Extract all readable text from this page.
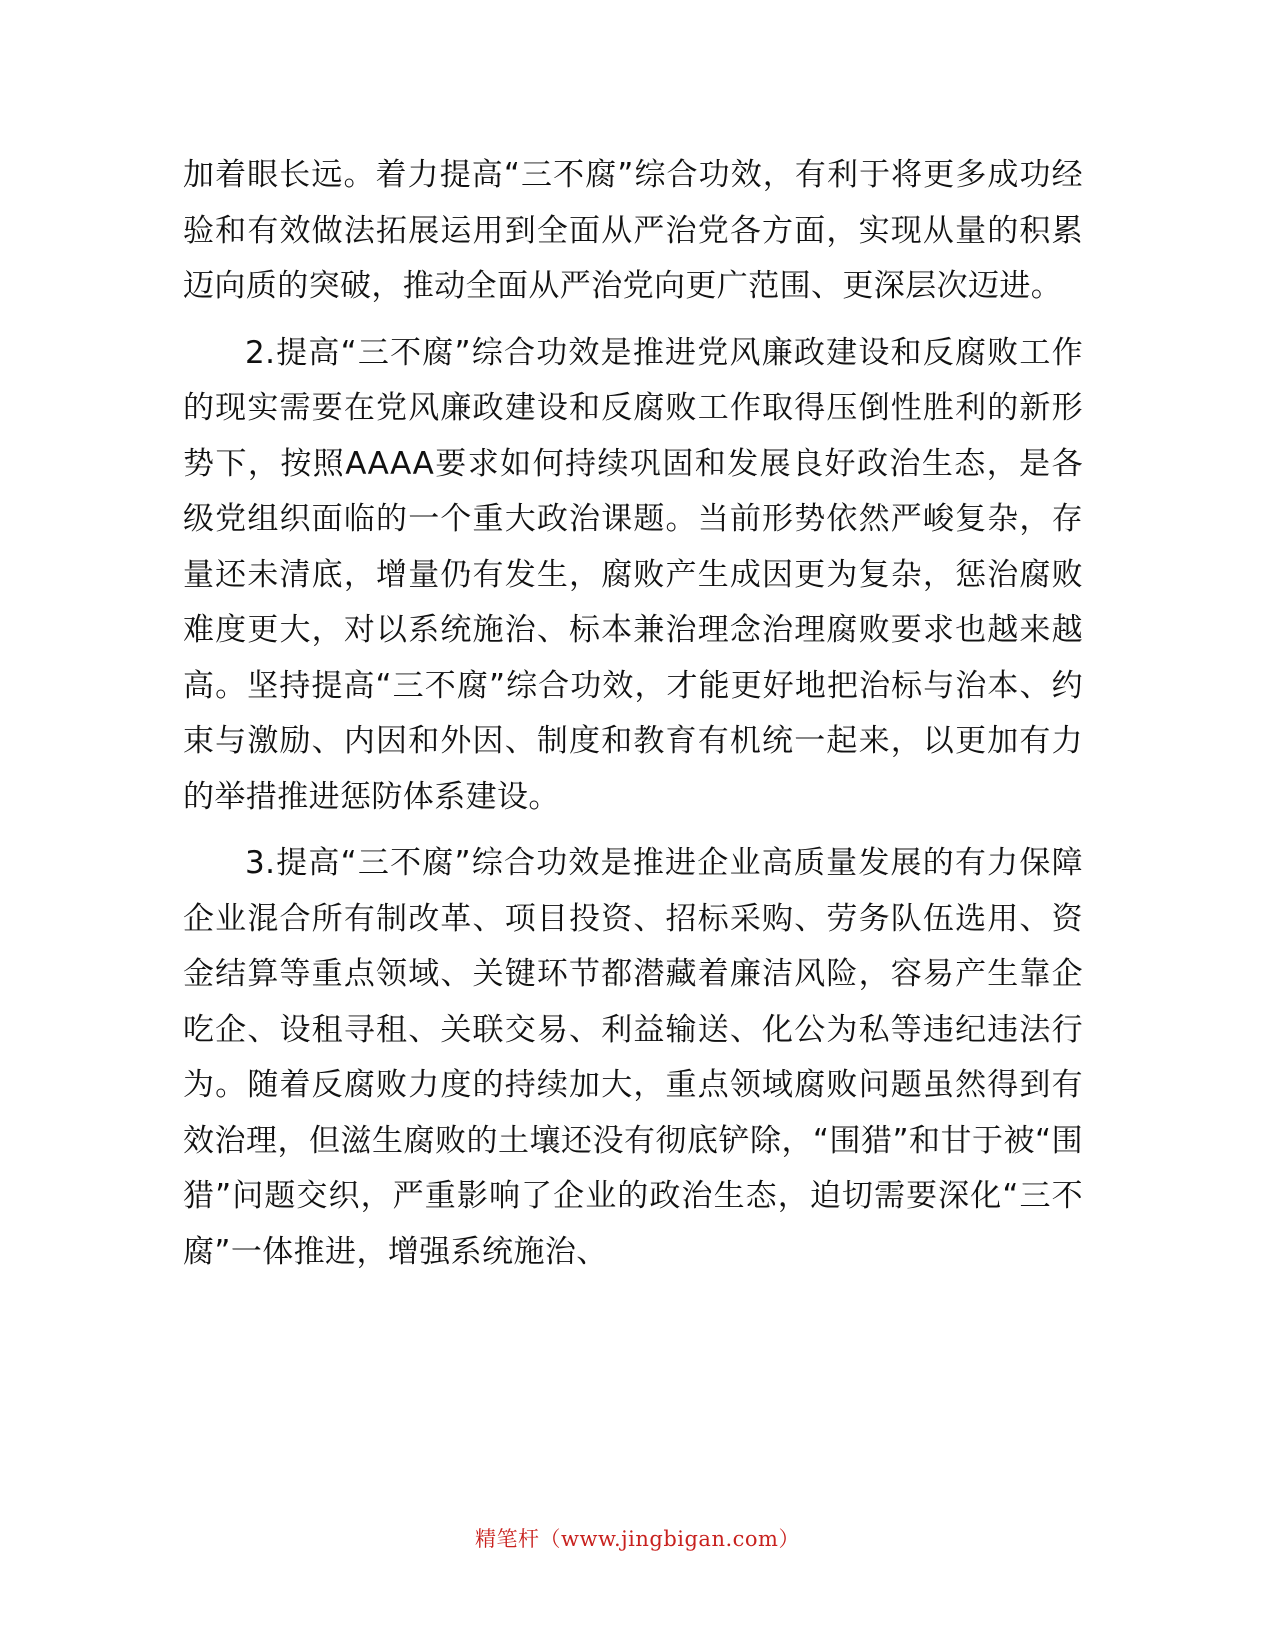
加着眼长远。着力提高“三不腐”综合功效，有利于将更多成功经验和有效做法拓展运用到全面从严治党各方面，实现从量的积累迈向质的突破，推动全面从严治党向更广范围、更深层次迈进。

2.提高“三不腐”综合功效是推进党风廉政建设和反腐败工作的现实需要在党风廉政建设和反腐败工作取得压倒性胜利的新形势下，按照AAAA要求如何持续巩固和发展良好政治生态，是各级党组织面临的一个重大政治课题。当前形势依然严峻复杂，存量还未清底，增量仍有发生，腐败产生成因更为复杂，惩治腐败难度更大，对以系统施治、标本兼治理念治理腐败要求也越来越高。坚持提高“三不腐”综合功效，才能更好地把治标与治本、约束与激励、内因和外因、制度和教育有机统一起来，以更加有力的举措推进惩防体系建设。

3.提高“三不腐”综合功效是推进企业高质量发展的有力保障企业混合所有制改革、项目投资、招标采购、劳务队伍选用、资金结算等重点领域、关键环节都潜藏着廉洁风险，容易产生靠企吃企、设租寻租、关联交易、利益输送、化公为私等违纪违法行为。随着反腐败力度的持续加大，重点领域腐败问题虽然得到有效治理，但滋生腐败的土壤还没有彻底铲除，“围猎”和甘于被“围猎”问题交织，严重影响了企业的政治生态，迫切需要深化“三不腐”一体推进，增强系统施治、

精笔杆（www.jingbigan.com）
